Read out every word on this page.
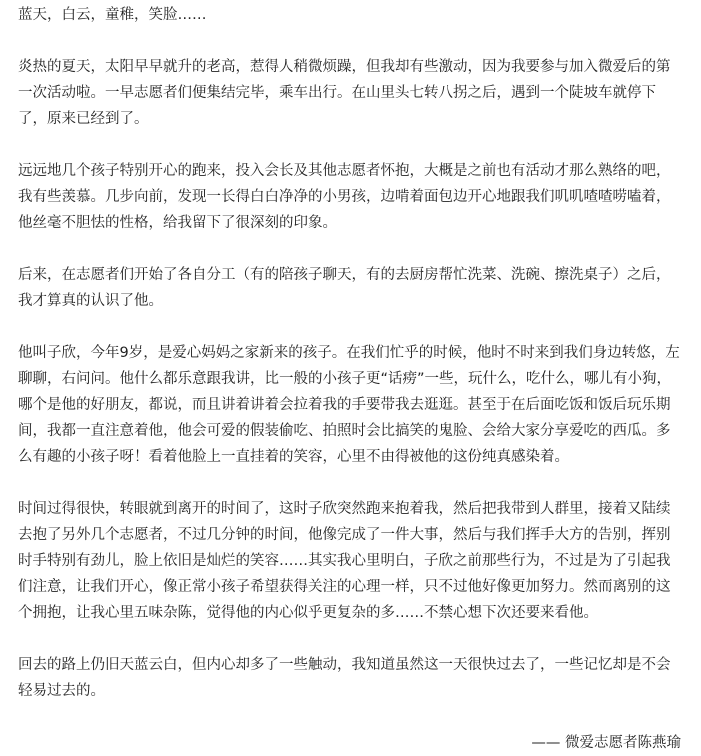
蓝天，白云，童稚，笑脸……

炎热的夏天，太阳早早就升的老高，惹得人稍微烦躁，但我却有些激动，因为我要参与加入微爱后的第一次活动啦。一早志愿者们便集结完毕，乘车出行。在山里头七转八拐之后，遇到一个陡坡车就停下了，原来已经到了。

远远地几个孩子特别开心的跑来，投入会长及其他志愿者怀抱，大概是之前也有活动才那么熟络的吧，我有些羡慕。几步向前，发现一长得白白净净的小男孩，边啃着面包边开心地跟我们叽叽喳喳唠嗑着，他丝毫不胆怯的性格，给我留下了很深刻的印象。

后来，在志愿者们开始了各自分工（有的陪孩子聊天，有的去厨房帮忙洗菜、洗碗、擦洗桌子）之后，我才算真的认识了他。

他叫子欣，今年9岁，是爱心妈妈之家新来的孩子。在我们忙乎的时候，他时不时来到我们身边转悠，左聊聊，右问问。他什么都乐意跟我讲，比一般的小孩子更“话痨”一些，玩什么，吃什么，哪儿有小狗，哪个是他的好朋友，都说，而且讲着讲着会拉着我的手要带我去逛逛。甚至于在后面吃饭和饭后玩乐期间，我都一直注意着他，他会可爱的假装偷吃、拍照时会比搞笑的鬼脸、会给大家分享爱吃的西瓜。多么有趣的小孩子呀！看着他脸上一直挂着的笑容，心里不由得被他的这份纯真感染着。

时间过得很快，转眼就到离开的时间了，这时子欣突然跑来抱着我，然后把我带到人群里，接着又陆续去抱了另外几个志愿者，不过几分钟的时间，他像完成了一件大事，然后与我们挥手大方的告别，挥别时手特别有劲儿，脸上依旧是灿烂的笑容……其实我心里明白，子欣之前那些行为，不过是为了引起我们注意，让我们开心，像正常小孩子希望获得关注的心理一样，只不过他好像更加努力。然而离别的这个拥抱，让我心里五味杂陈，觉得他的内心似乎更复杂的多……不禁心想下次还要来看他。

回去的路上仍旧天蓝云白，但内心却多了一些触动，我知道虽然这一天很快过去了，一些记忆却是不会轻易过去的。

—— 微爱志愿者陈燕瑜
